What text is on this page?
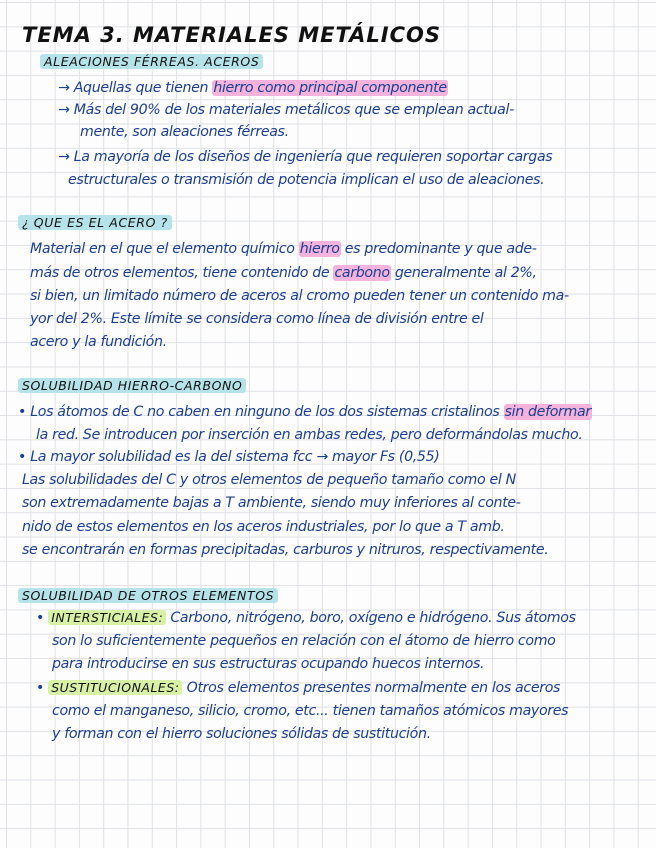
TEMA 3. MATERIALES METÁLICOS
ALEACIONES FÉRREAS. ACEROS
→ Aquellas que tienen hierro como principal componente
→ Más del 90% de los materiales metálicos que se emplean actual-
mente, son aleaciones férreas.
→ La mayoría de los diseños de ingeniería que requieren soportar cargas
estructurales o transmisión de potencia implican el uso de aleaciones.
¿ QUE ES EL ACERO ?
Material en el que el elemento químico hierro es predominante y que ade-
más de otros elementos, tiene contenido de carbono generalmente al 2%,
si bien, un limitado número de aceros al cromo pueden tener un contenido ma-
yor del 2%. Este límite se considera como línea de división entre el
acero y la fundición.
SOLUBILIDAD HIERRO-CARBONO
• Los átomos de C no caben en ninguno de los dos sistemas cristalinos sin deformar
la red. Se introducen por inserción en ambas redes, pero deformándolas mucho.
• La mayor solubilidad es la del sistema fcc → mayor Fs (0,55)
Las solubilidades del C y otros elementos de pequeño tamaño como el N
son extremadamente bajas a T ambiente, siendo muy inferiores al conte-
nido de estos elementos en los aceros industriales, por lo que a T amb.
se encontrarán en formas precipitadas, carburos y nitruros, respectivamente.
SOLUBILIDAD DE OTROS ELEMENTOS
• INTERSTICIALES: Carbono, nitrógeno, boro, oxígeno e hidrógeno. Sus átomos
son lo suficientemente pequeños en relación con el átomo de hierro como
para introducirse en sus estructuras ocupando huecos internos.
• SUSTITUCIONALES: Otros elementos presentes normalmente en los aceros
como el manganeso, silicio, cromo, etc... tienen tamaños atómicos mayores
y forman con el hierro soluciones sólidas de sustitución.
